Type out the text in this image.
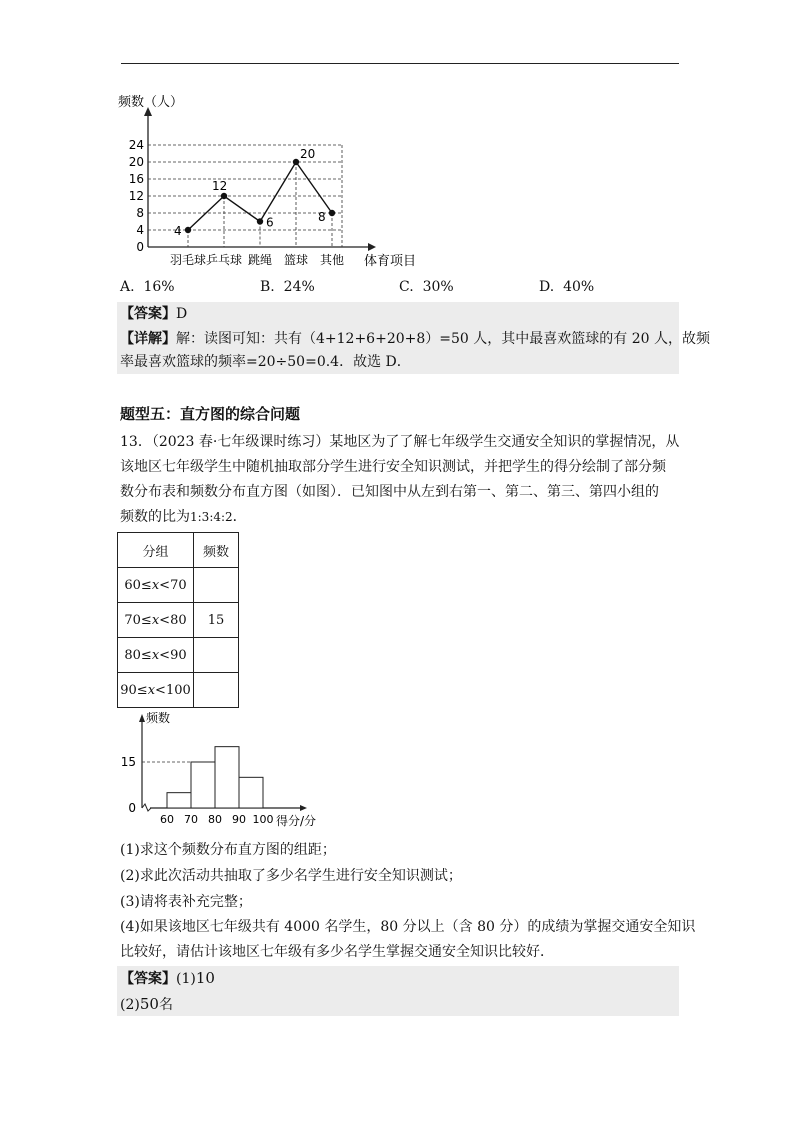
频数（人）
体育项目
0
4
8
12
16
20
24
4
羽毛球
12
乒乓球
6
跳绳
20
篮球
8
其他
A. 16%	B. 24%	C. 30%	D. 40%
【答案】D
【详解】解：读图可知：共有（4+12+6+20+8）=50 人，其中最喜欢篮球的有 20 人，故频
率最喜欢篮球的频率=20÷50=0.4．故选 D．
题型五：直方图的综合问题
13．（2023 春·七年级课时练习）某地区为了了解七年级学生交通安全知识的掌握情况，从
该地区七年级学生中随机抽取部分学生进行安全知识测试，并把学生的得分绘制了部分频
数分布表和频数分布直方图（如图）．已知图中从左到右第一、第二、第三、第四小组的
频数的比为1:3:4:2．
分组	频数
60≤x<70	
70≤x<80	15
80≤x<90	
90≤x<100	
频数
得分/分
0
15
60 70 80 90 100
(1)求这个频数分布直方图的组距；
(2)求此次活动共抽取了多少名学生进行安全知识测试；
(3)请将表补充完整；
(4)如果该地区七年级共有 4000 名学生，80 分以上（含 80 分）的成绩为掌握交通安全知识
比较好，请估计该地区七年级有多少名学生掌握交通安全知识比较好．
【答案】(1)10
(2)50名
